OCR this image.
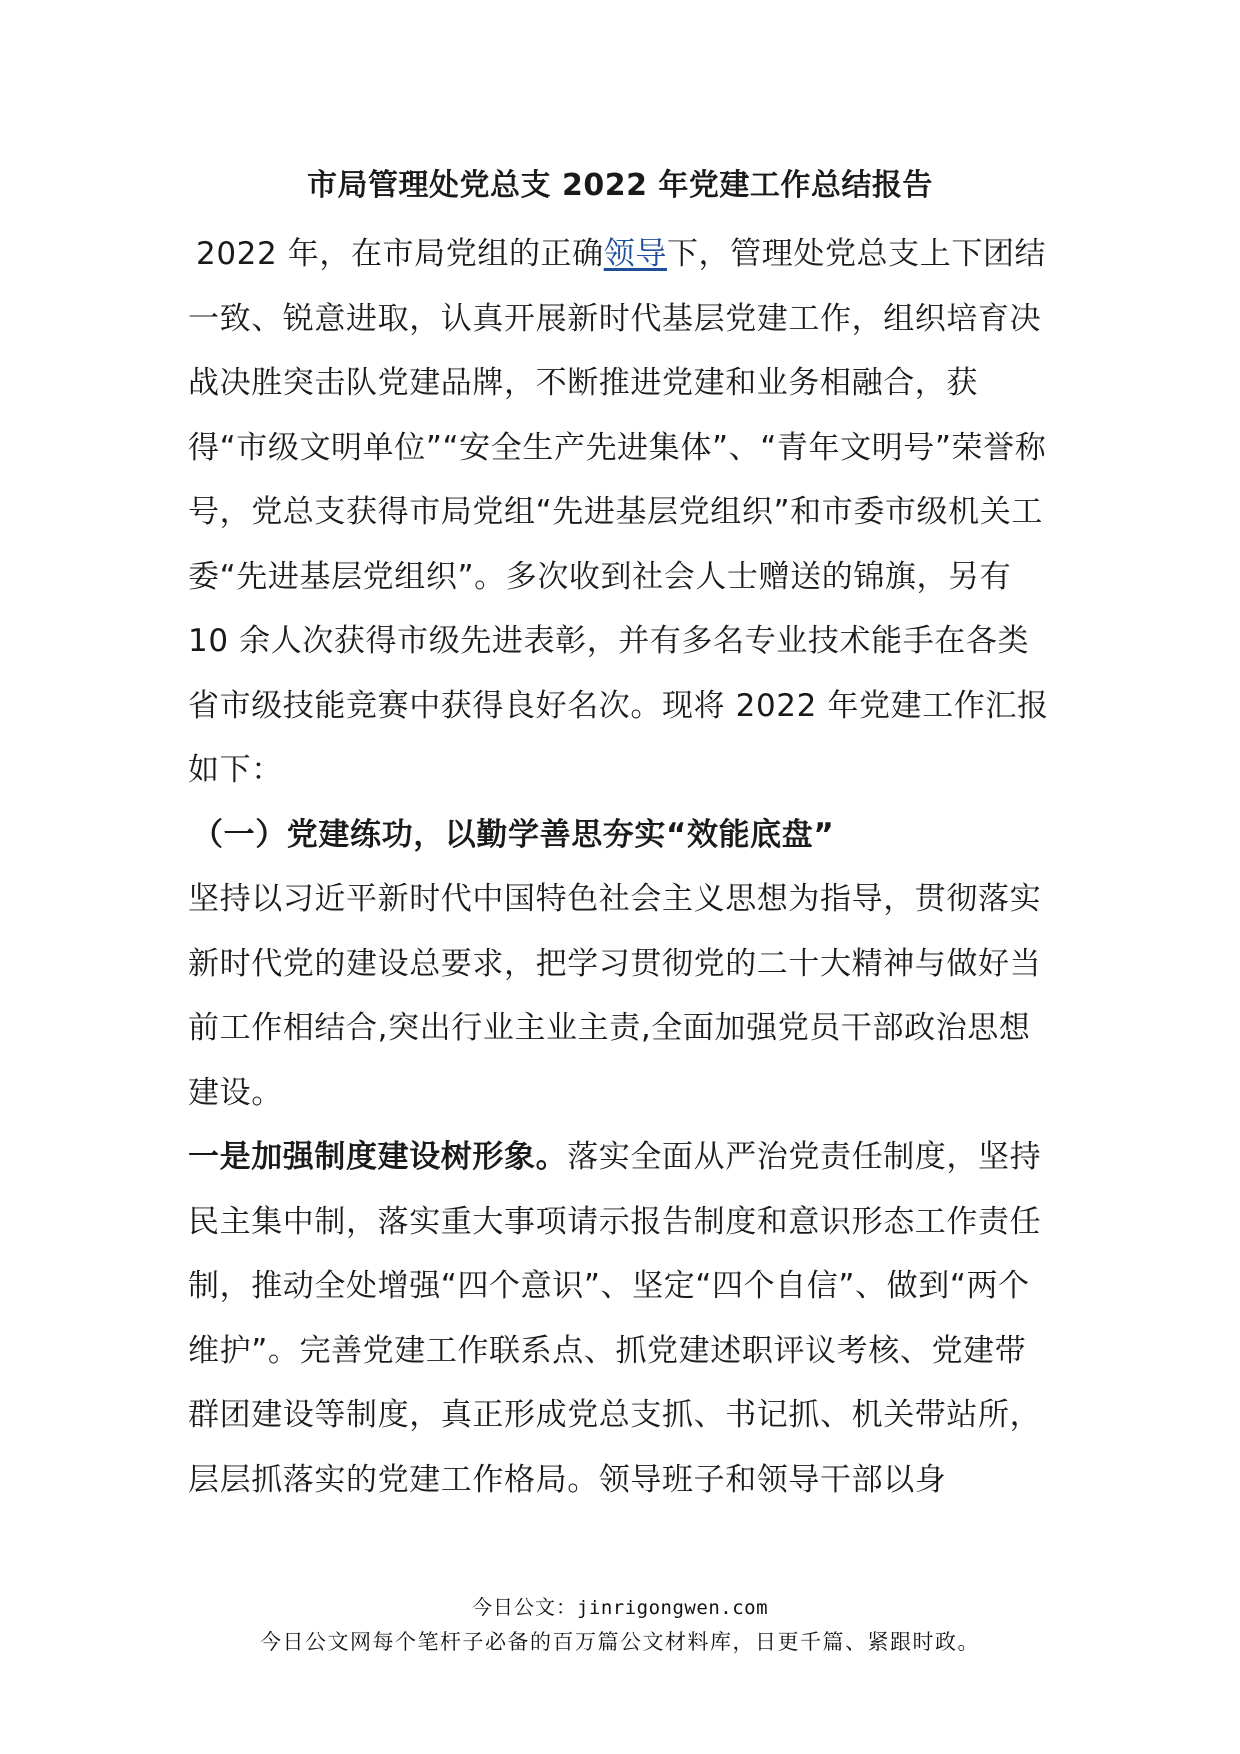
市局管理处党总支 2022 年党建工作总结报告

2022 年，在市局党组的正确领导下，管理处党总支上下团结一致、锐意进取，认真开展新时代基层党建工作，组织培育决战决胜突击队党建品牌，不断推进党建和业务相融合，获得“市级文明单位”“安全生产先进集体”、“青年文明号”荣誉称号，党总支获得市局党组“先进基层党组织”和市委市级机关工委“先进基层党组织”。多次收到社会人士赠送的锦旗，另有 10 余人次获得市级先进表彰，并有多名专业技术能手在各类省市级技能竞赛中获得良好名次。现将 2022 年党建工作汇报如下：

（一）党建练功，以勤学善思夯实“效能底盘”

坚持以习近平新时代中国特色社会主义思想为指导，贯彻落实新时代党的建设总要求，把学习贯彻党的二十大精神与做好当前工作相结合,突出行业主业主责,全面加强党员干部政治思想建设。

一是加强制度建设树形象。落实全面从严治党责任制度，坚持民主集中制，落实重大事项请示报告制度和意识形态工作责任制，推动全处增强“四个意识”、坚定“四个自信”、做到“两个维护”。完善党建工作联系点、抓党建述职评议考核、党建带群团建设等制度，真正形成党总支抓、书记抓、机关带站所，层层抓落实的党建工作格局。领导班子和领导干部以身

今日公文：jinrigongwen.com
今日公文网每个笔杆子必备的百万篇公文材料库，日更千篇、紧跟时政。
